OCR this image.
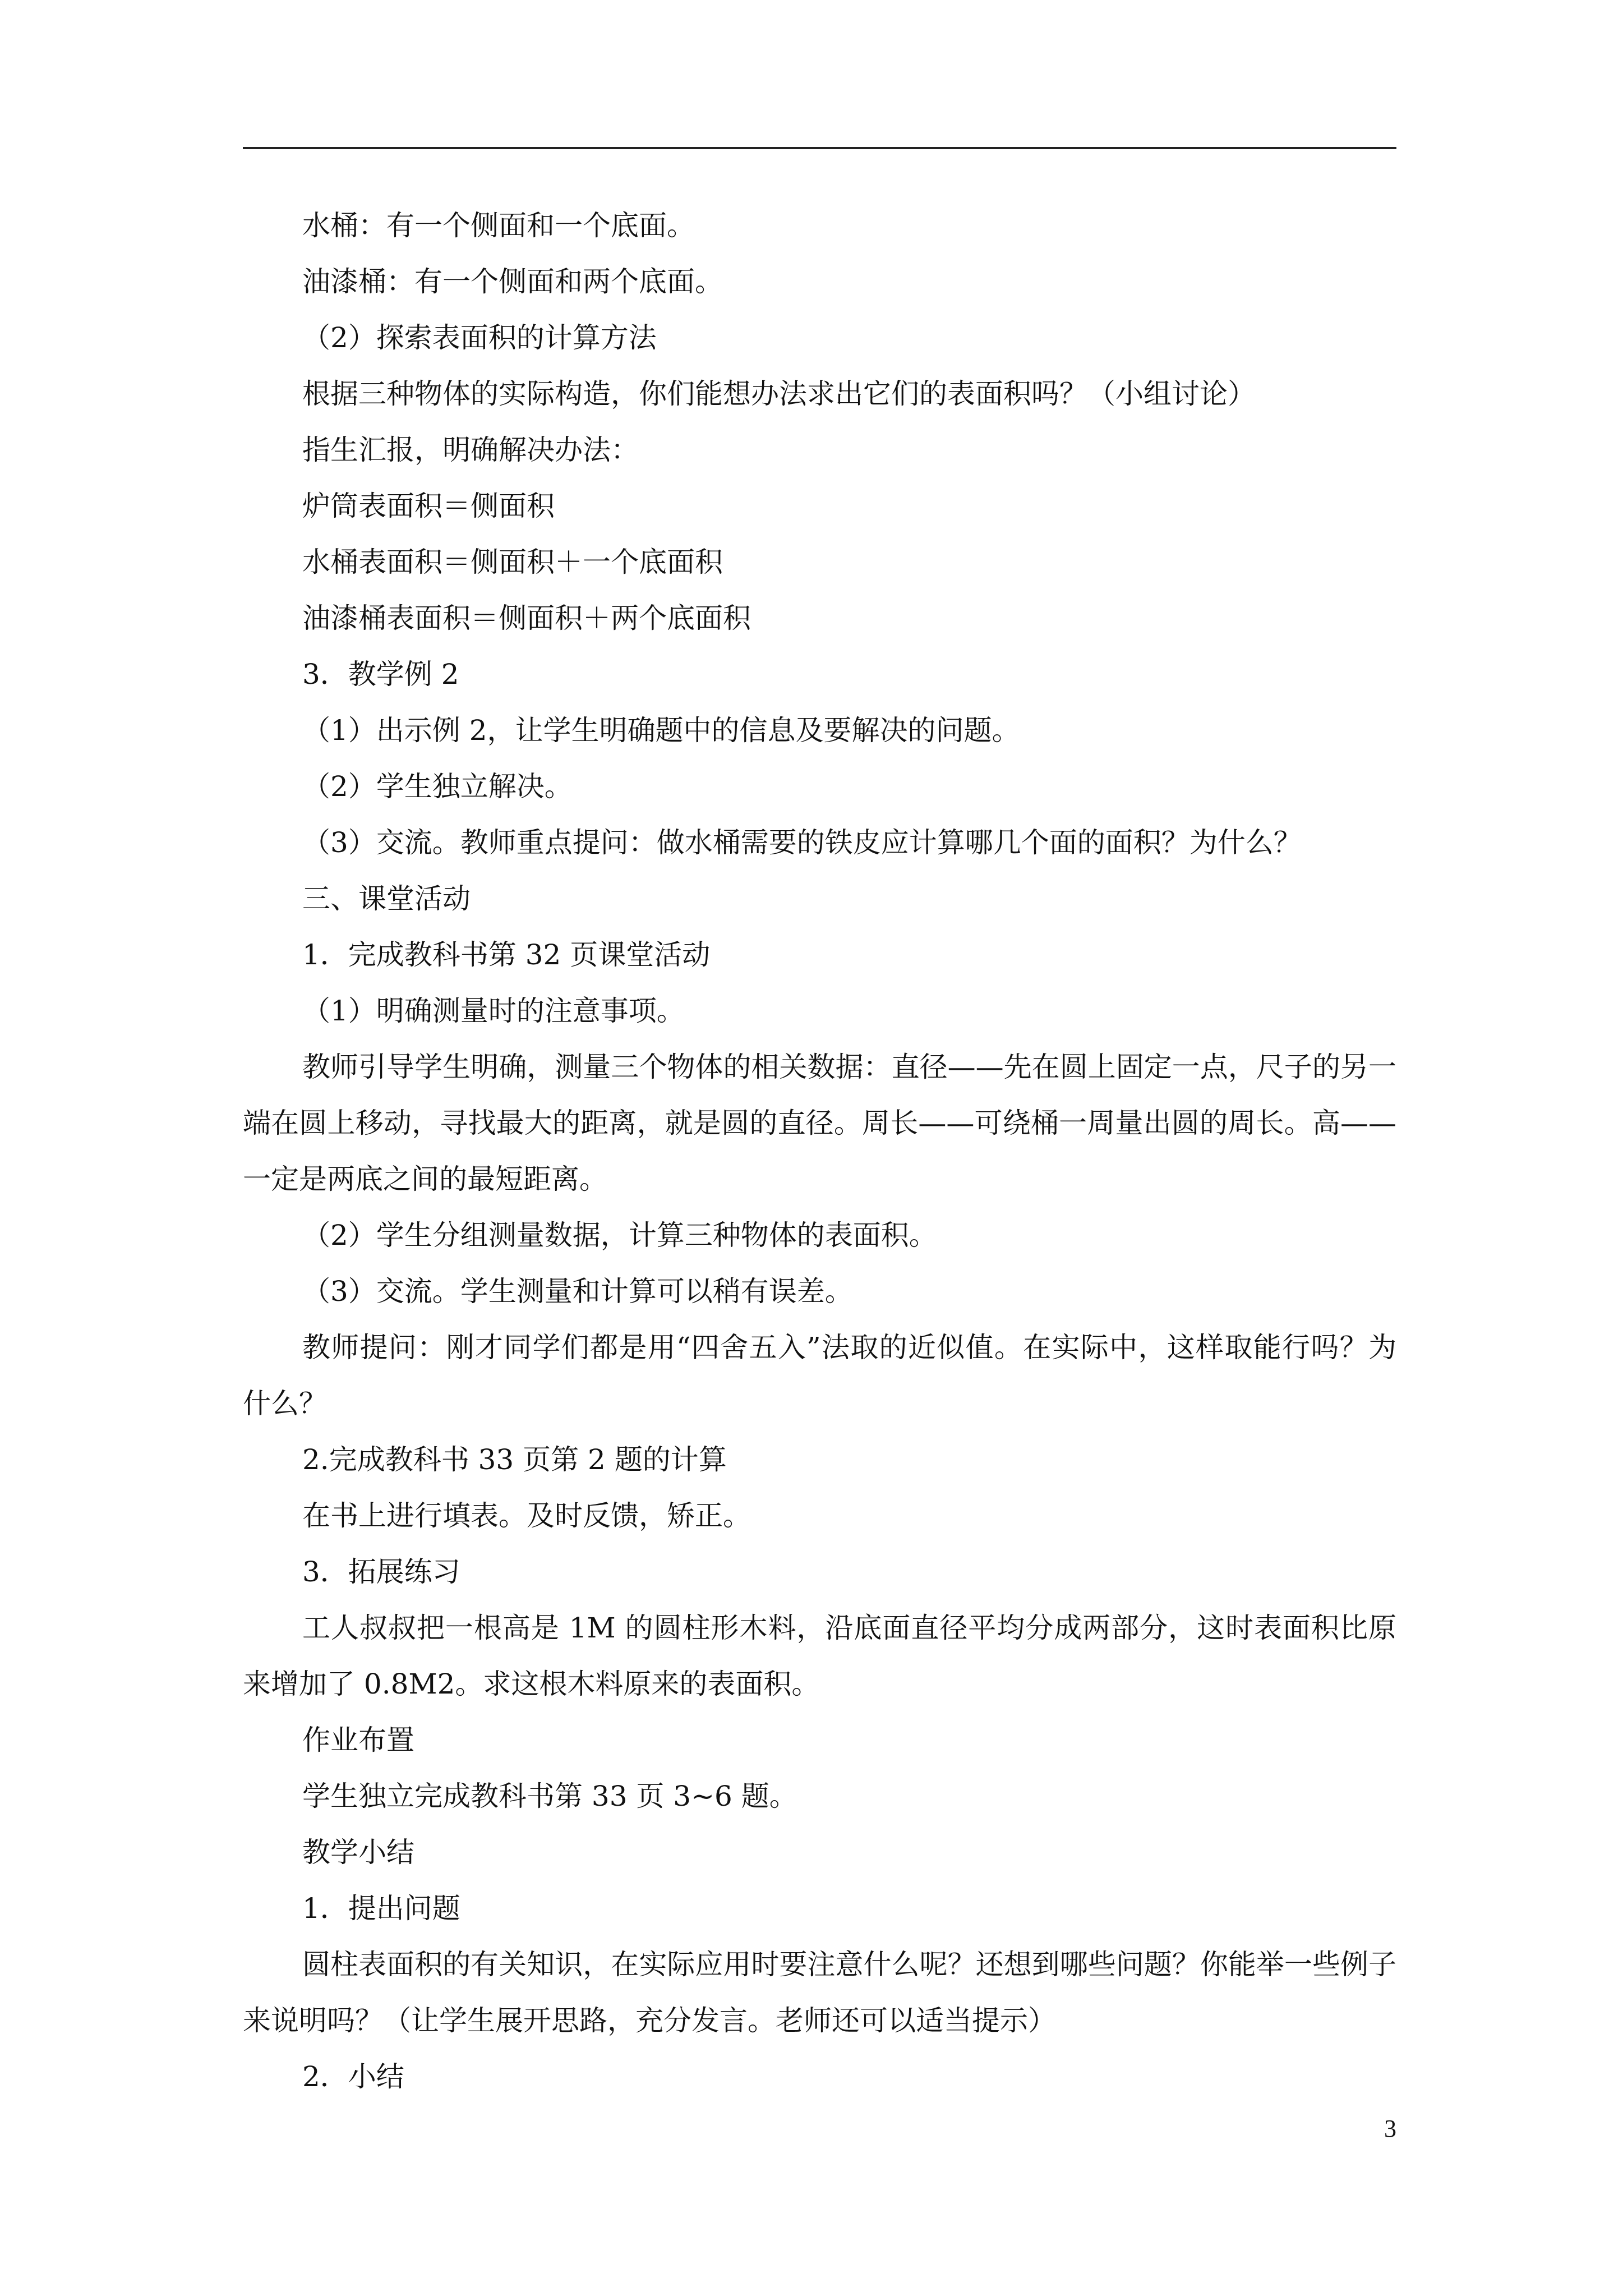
水桶：有一个侧面和一个底面。

油漆桶：有一个侧面和两个底面。

（2）探索表面积的计算方法

根据三种物体的实际构造，你们能想办法求出它们的表面积吗？（小组讨论）

指生汇报，明确解决办法：

炉筒表面积＝侧面积

水桶表面积＝侧面积＋一个底面积

油漆桶表面积＝侧面积＋两个底面积

3．教学例 2

（1）出示例 2，让学生明确题中的信息及要解决的问题。

（2）学生独立解决。

（3）交流。教师重点提问：做水桶需要的铁皮应计算哪几个面的面积？为什么？

三、课堂活动

1．完成教科书第 32 页课堂活动

（1）明确测量时的注意事项。

教师引导学生明确，测量三个物体的相关数据：直径——先在圆上固定一点，尺子的另一端在圆上移动，寻找最大的距离，就是圆的直径。周长——可绕桶一周量出圆的周长。高——一定是两底之间的最短距离。

（2）学生分组测量数据，计算三种物体的表面积。

（3）交流。学生测量和计算可以稍有误差。

教师提问：刚才同学们都是用“四舍五入”法取的近似值。在实际中，这样取能行吗？为什么？

2.完成教科书 33 页第 2 题的计算

在书上进行填表。及时反馈，矫正。

3．拓展练习

工人叔叔把一根高是 1M 的圆柱形木料，沿底面直径平均分成两部分，这时表面积比原来增加了 0.8M2。求这根木料原来的表面积。

作业布置

学生独立完成教科书第 33 页 3~6 题。

教学小结

1．提出问题

圆柱表面积的有关知识，在实际应用时要注意什么呢？还想到哪些问题？你能举一些例子来说明吗？（让学生展开思路，充分发言。老师还可以适当提示）

2．小结

3
